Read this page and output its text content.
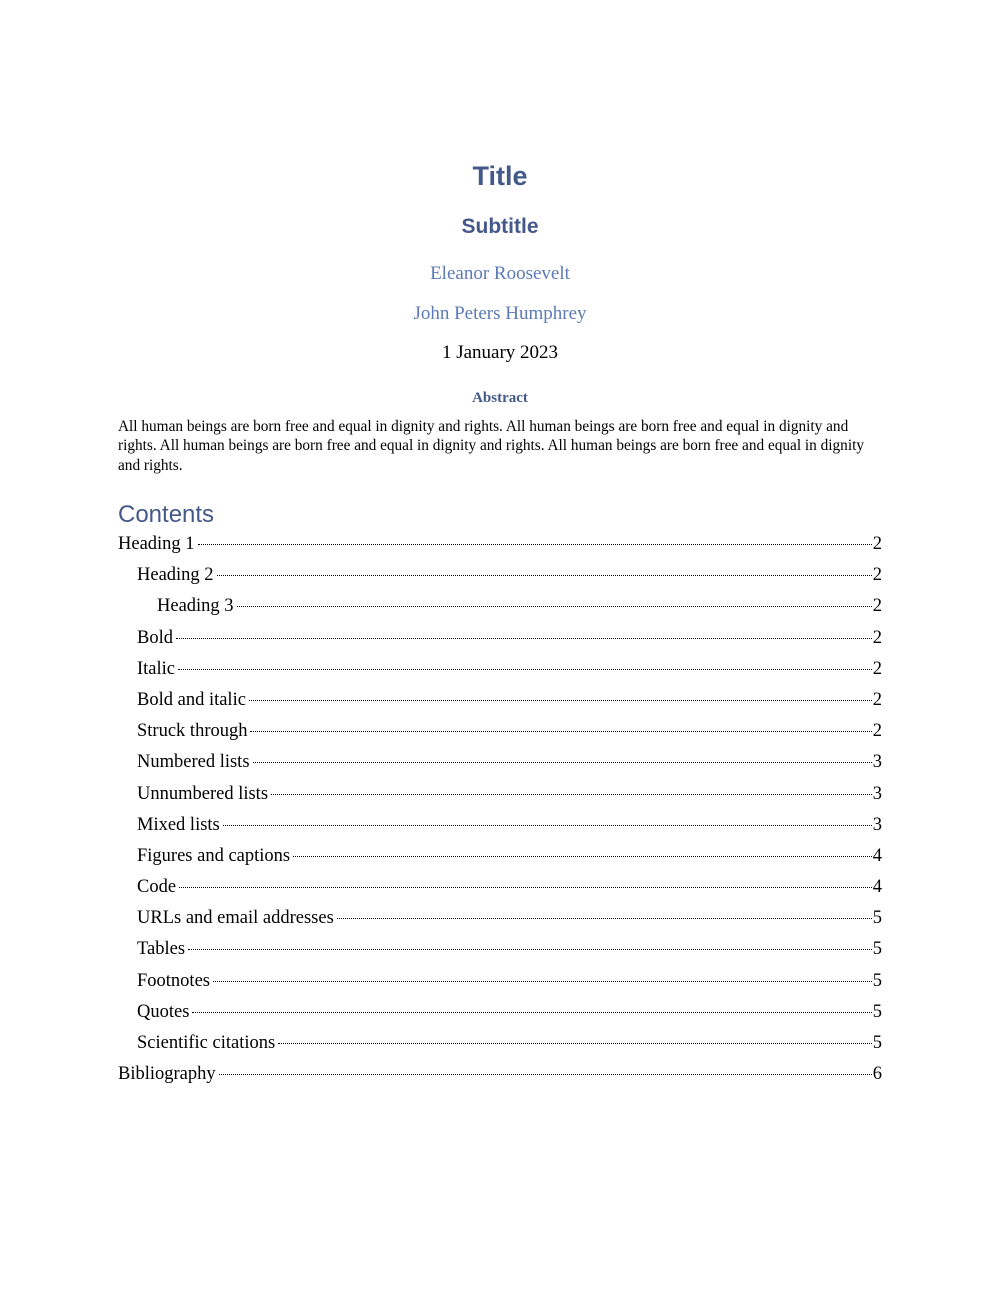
Title
Subtitle
Eleanor Roosevelt
John Peters Humphrey
1 January 2023
Abstract
All human beings are born free and equal in dignity and rights. All human beings are born free and equal in dignity and rights. All human beings are born free and equal in dignity and rights. All human beings are born free and equal in dignity and rights.
Contents
Heading 1	2
Heading 2	2
Heading 3	2
Bold	2
Italic	2
Bold and italic	2
Struck through	2
Numbered lists	3
Unnumbered lists	3
Mixed lists	3
Figures and captions	4
Code	4
URLs and email addresses	5
Tables	5
Footnotes	5
Quotes	5
Scientific citations	5
Bibliography	6
